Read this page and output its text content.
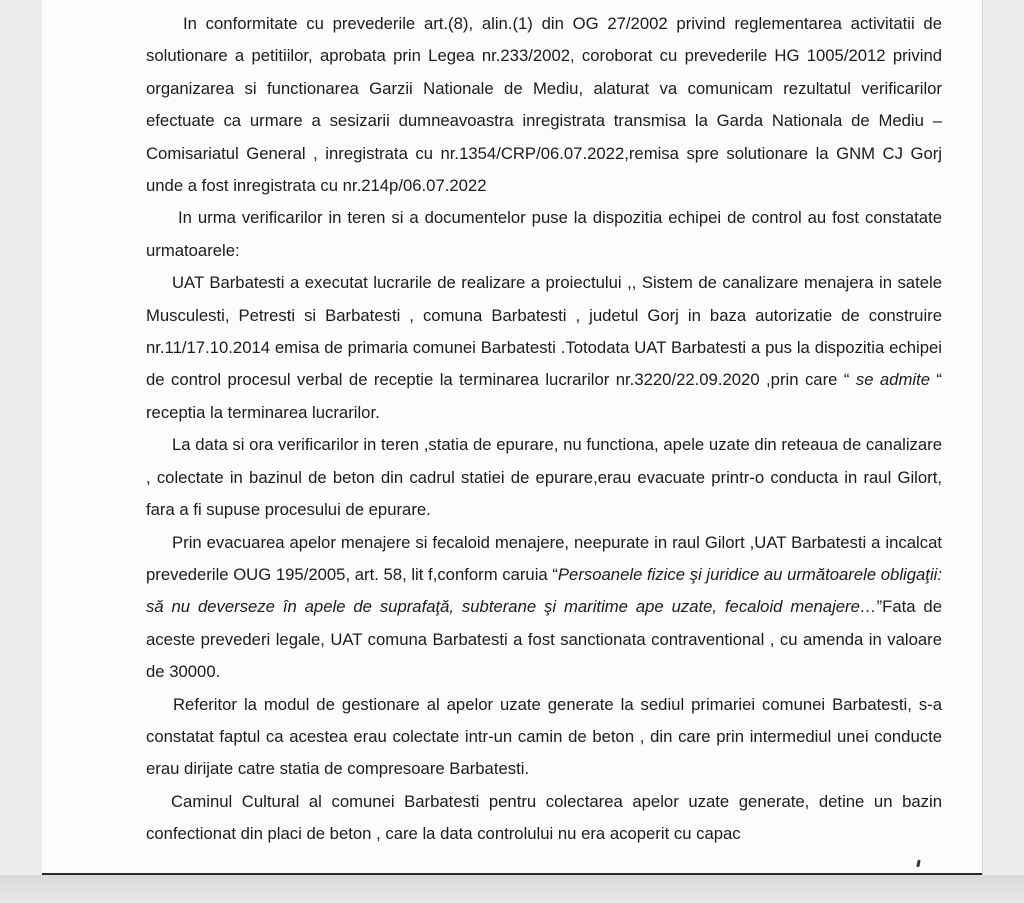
In conformitate cu prevederile art.(8), alin.(1) din OG 27/2002 privind reglementarea activitatii de solutionare a petitiilor, aprobata prin Legea nr.233/2002, coroborat cu prevederile HG 1005/2012 privind organizarea si functionarea Garzii Nationale de Mediu, alaturat va comunicam rezultatul verificarilor efectuate ca urmare a sesizarii dumneavoastra inregistrata transmisa la Garda Nationala de Mediu – Comisariatul General , inregistrata cu nr.1354/CRP/06.07.2022,remisa spre solutionare la GNM CJ Gorj unde a fost inregistrata cu nr.214p/06.07.2022

In urma verificarilor in teren si a documentelor puse la dispozitia echipei de control au fost constatate urmatoarele:

UAT Barbatesti a executat lucrarile de realizare a proiectului ,, Sistem de canalizare menajera in satele Musculesti, Petresti si Barbatesti , comuna Barbatesti , judetul Gorj in baza autorizatie de construire nr.11/17.10.2014 emisa de primaria comunei Barbatesti .Totodata UAT Barbatesti a pus la dispozitia echipei de control procesul verbal de receptie la terminarea lucrarilor nr.3220/22.09.2020 ,prin care “ se admite “ receptia la terminarea lucrarilor.

La data si ora verificarilor in teren ,statia de epurare, nu functiona, apele uzate din reteaua de canalizare , colectate in bazinul de beton din cadrul statiei de epurare,erau evacuate printr-o conducta in raul Gilort, fara a fi supuse procesului de epurare.

Prin evacuarea apelor menajere si fecaloid menajere, neepurate in raul Gilort ,UAT Barbatesti a incalcat prevederile OUG 195/2005, art. 58, lit f,conform caruia “Persoanele fizice şi juridice au următoarele obligaţii: să nu deverseze în apele de suprafaţă, subterane şi maritime ape uzate, fecaloid menajere…”Fata de aceste prevederi legale, UAT comuna Barbatesti a fost sanctionata contraventional , cu amenda in valoare de 30000.

Referitor la modul de gestionare al apelor uzate generate la sediul primariei comunei Barbatesti, s-a constatat faptul ca acestea erau colectate intr-un camin de beton , din care prin intermediul unei conducte erau dirijate catre statia de compresoare Barbatesti.

Caminul Cultural al comunei Barbatesti pentru colectarea apelor uzate generate, detine un bazin confectionat din placi de beton , care la data controlului nu era acoperit cu capac
